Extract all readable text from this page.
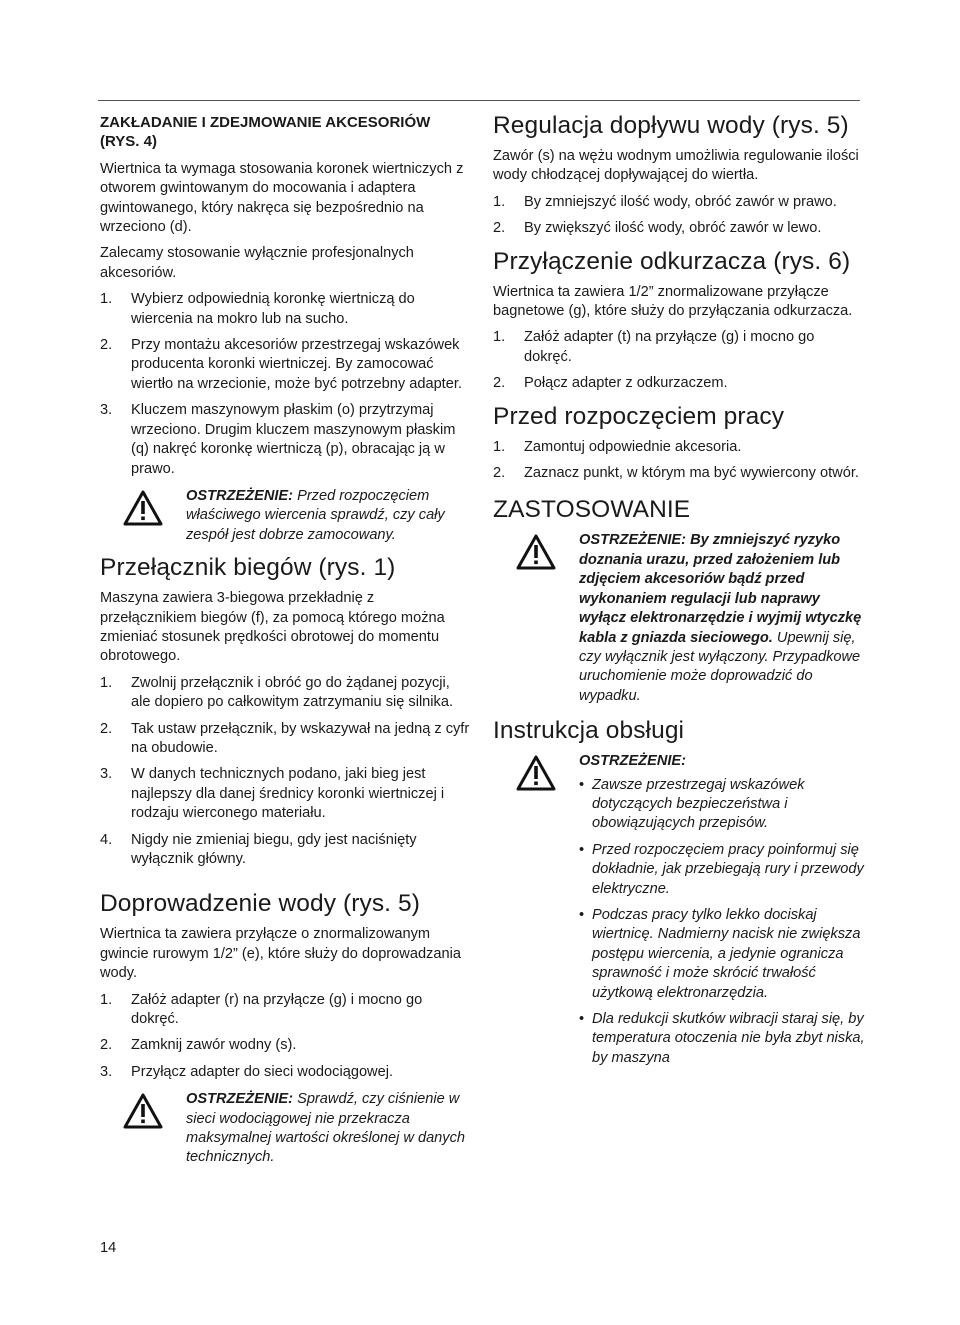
ZAKŁADANIE I ZDEJMOWANIE AKCESORIÓW (RYS. 4)

Wiertnica ta wymaga stosowania koronek wiertniczych z otworem gwintowanym do mocowania i adaptera gwintowanego, który nakręca się bezpośrednio na wrzeciono (d).

Zalecamy stosowanie wyłącznie profesjonalnych akcesoriów.

1.	Wybierz odpowiednią koronkę wiertniczą do wiercenia na mokro lub na sucho.
2.	Przy montażu akcesoriów przestrzegaj wskazówek producenta koronki wiertniczej. By zamocować wiertło na wrzecionie, może być potrzebny adapter.
3.	Kluczem maszynowym płaskim (o) przytrzymaj wrzeciono. Drugim kluczem maszynowym płaskim (q) nakręć koronkę wiertniczą (p), obracając ją w prawo.
OSTRZEŻENIE: Przed rozpoczęciem właściwego wiercenia sprawdź, czy cały zespół jest dobrze zamocowany.
Przełącznik biegów (rys. 1)

Maszyna zawiera 3-biegowa przekładnię z przełącznikiem biegów (f), za pomocą którego można zmieniać stosunek prędkości obrotowej do momentu obrotowego.

1.	Zwolnij przełącznik i obróć go do żądanej pozycji, ale dopiero po całkowitym zatrzymaniu się silnika.
2.	Tak ustaw przełącznik, by wskazywał na jedną z cyfr na obudowie.
3.	W danych technicznych podano, jaki bieg jest najlepszy dla danej średnicy koronki wiertniczej i rodzaju wierconego materiału.
4.	Nigdy nie zmieniaj biegu, gdy jest naciśnięty wyłącznik główny.
Doprowadzenie wody (rys. 5)

Wiertnica ta zawiera przyłącze o znormalizowanym gwincie rurowym 1/2” (e), które służy do doprowadzania wody.

1.	Załóż adapter (r) na przyłącze (g) i mocno go dokręć.
2.	Zamknij zawór wodny (s).
3.	Przyłącz adapter do sieci wodociągowej.
OSTRZEŻENIE: Sprawdź, czy ciśnienie w sieci wodociągowej nie przekracza maksymalnej wartości określonej w danych technicznych.
Regulacja dopływu wody (rys. 5)

Zawór (s) na wężu wodnym umożliwia regulowanie ilości wody chłodzącej dopływającej do wiertła.

1.	By zmniejszyć ilość wody, obróć zawór w prawo.
2.	By zwiększyć ilość wody, obróć zawór w lewo.
Przyłączenie odkurzacza (rys. 6)

Wiertnica ta zawiera 1/2” znormalizowane przyłącze bagnetowe (g), które służy do przyłączania odkurzacza.

1.	Załóż adapter (t) na przyłącze (g) i mocno go dokręć.
2.	Połącz adapter z odkurzaczem.
Przed rozpoczęciem pracy
1.	Zamontuj odpowiednie akcesoria.
2.	Zaznacz punkt, w którym ma być wywiercony otwór.
ZASTOSOWANIE
OSTRZEŻENIE: By zmniejszyć ryzyko doznania urazu, przed założeniem lub zdjęciem akcesoriów bądź przed wykonaniem regulacji lub naprawy wyłącz elektronarzędzie i wyjmij wtyczkę kabla z gniazda sieciowego. Upewnij się, czy wyłącznik jest wyłączony. Przypadkowe uruchomienie może doprowadzić do wypadku.
Instrukcja obsługi
OSTRZEŻENIE:
• Zawsze przestrzegaj wskazówek dotyczących bezpieczeństwa i obowiązujących przepisów.
• Przed rozpoczęciem pracy poinformuj się dokładnie, jak przebiegają rury i przewody elektryczne.
• Podczas pracy tylko lekko dociskaj wiertnicę. Nadmierny nacisk nie zwiększa postępu wiercenia, a jedynie ogranicza sprawność i może skrócić trwałość użytkową elektronarzędzia.
• Dla redukcji skutków wibracji staraj się, by temperatura otoczenia nie była zbyt niska, by maszyna
14
